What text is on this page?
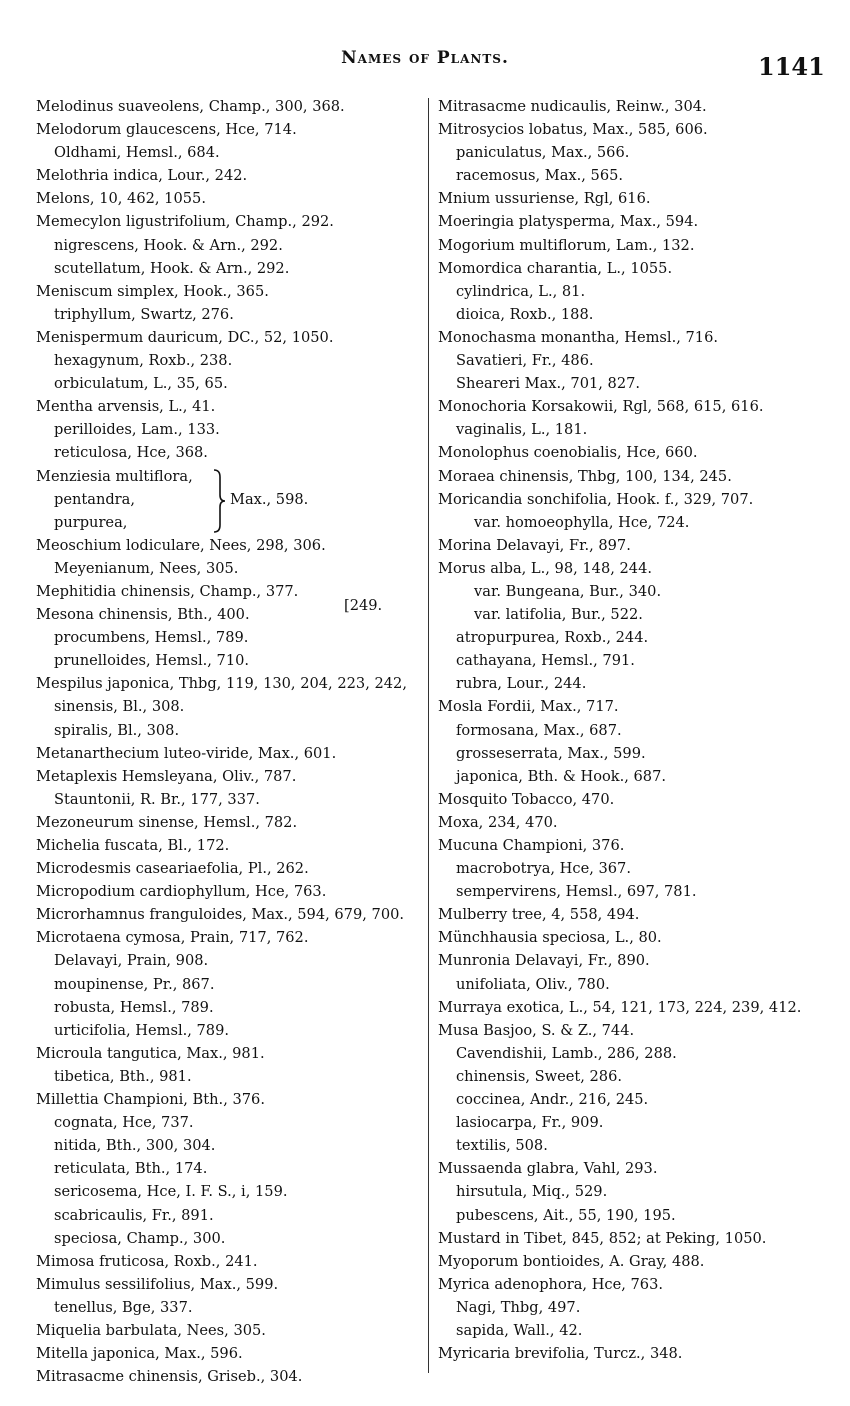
Names of Plants.	1141
Melodinus suaveolens, Champ., 300, 368.
Melodorum glaucescens, Hce, 714.
Oldhami, Hemsl., 684.
Melothria indica, Lour., 242.
Melons, 10, 462, 1055.
Memecylon ligustrifolium, Champ., 292.
nigrescens, Hook. & Arn., 292.
scutellatum, Hook. & Arn., 292.
Meniscum simplex, Hook., 365.
triphyllum, Swartz, 276.
Menispermum dauricum, DC., 52, 1050.
hexagynum, Roxb., 238.
orbiculatum, L., 35, 65.
Mentha arvensis, L., 41.
perilloides, Lam., 133.
reticulosa, Hce, 368.
Menziesia multiflora,
pentandra,
purpurea,
Max., 598.
Meoschium lodiculare, Nees, 298, 306.
Meyenianum, Nees, 305.
Mephitidia chinensis, Champ., 377.
Mesona chinensis, Bth., 400.
procumbens, Hemsl., 789.
prunelloides, Hemsl., 710.
Mespilus japonica, Thbg, 119, 130, 204, 223, 242,
sinensis, Bl., 308.
spiralis, Bl., 308.
Metanarthecium luteo-viride, Max., 601.
Metaplexis Hemsleyana, Oliv., 787.
Stauntonii, R. Br., 177, 337.
Mezoneurum sinense, Hemsl., 782.
Michelia fuscata, Bl., 172.
Microdesmis caseariaefolia, Pl., 262.
Micropodium cardiophyllum, Hce, 763.
Microrhamnus franguloides, Max., 594, 679, 700.
Microtaena cymosa, Prain, 717, 762.
Delavayi, Prain, 908.
moupinense, Pr., 867.
robusta, Hemsl., 789.
urticifolia, Hemsl., 789.
Microula tangutica, Max., 981.
tibetica, Bth., 981.
Millettia Championi, Bth., 376.
cognata, Hce, 737.
nitida, Bth., 300, 304.
reticulata, Bth., 174.
sericosema, Hce, I. F. S., i, 159.
scabricaulis, Fr., 891.
speciosa, Champ., 300.
Mimosa fruticosa, Roxb., 241.
Mimulus sessilifolius, Max., 599.
tenellus, Bge, 337.
Miquelia barbulata, Nees, 305.
Mitella japonica, Max., 596.
Mitrasacme chinensis, Griseb., 304.
[249.
Mitrasacme nudicaulis, Reinw., 304.
Mitrosycios lobatus, Max., 585, 606.
paniculatus, Max., 566.
racemosus, Max., 565.
Mnium ussuriense, Rgl, 616.
Moeringia platysperma, Max., 594.
Mogorium multiflorum, Lam., 132.
Momordica charantia, L., 1055.
cylindrica, L., 81.
dioica, Roxb., 188.
Monochasma monantha, Hemsl., 716.
Savatieri, Fr., 486.
Sheareri Max., 701, 827.
Monochoria Korsakowii, Rgl, 568, 615, 616.
vaginalis, L., 181.
Monolophus coenobialis, Hce, 660.
Moraea chinensis, Thbg, 100, 134, 245.
Moricandia sonchifolia, Hook. f., 329, 707.
var. homoeophylla, Hce, 724.
Morina Delavayi, Fr., 897.
Morus alba, L., 98, 148, 244.
var. Bungeana, Bur., 340.
var. latifolia, Bur., 522.
atropurpurea, Roxb., 244.
cathayana, Hemsl., 791.
rubra, Lour., 244.
Mosla Fordii, Max., 717.
formosana, Max., 687.
grosseserrata, Max., 599.
japonica, Bth. & Hook., 687.
Mosquito Tobacco, 470.
Moxa, 234, 470.
Mucuna Championi, 376.
macrobotrya, Hce, 367.
sempervirens, Hemsl., 697, 781.
Mulberry tree, 4, 558, 494.
Münchhausia speciosa, L., 80.
Munronia Delavayi, Fr., 890.
unifoliata, Oliv., 780.
Murraya exotica, L., 54, 121, 173, 224, 239, 412.
Musa Basjoo, S. & Z., 744.
Cavendishii, Lamb., 286, 288.
chinensis, Sweet, 286.
coccinea, Andr., 216, 245.
lasiocarpa, Fr., 909.
textilis, 508.
Mussaenda glabra, Vahl, 293.
hirsutula, Miq., 529.
pubescens, Ait., 55, 190, 195.
Mustard in Tibet, 845, 852; at Peking, 1050.
Myoporum bontioides, A. Gray, 488.
Myrica adenophora, Hce, 763.
Nagi, Thbg, 497.
sapida, Wall., 42.
Myricaria brevifolia, Turcz., 348.
